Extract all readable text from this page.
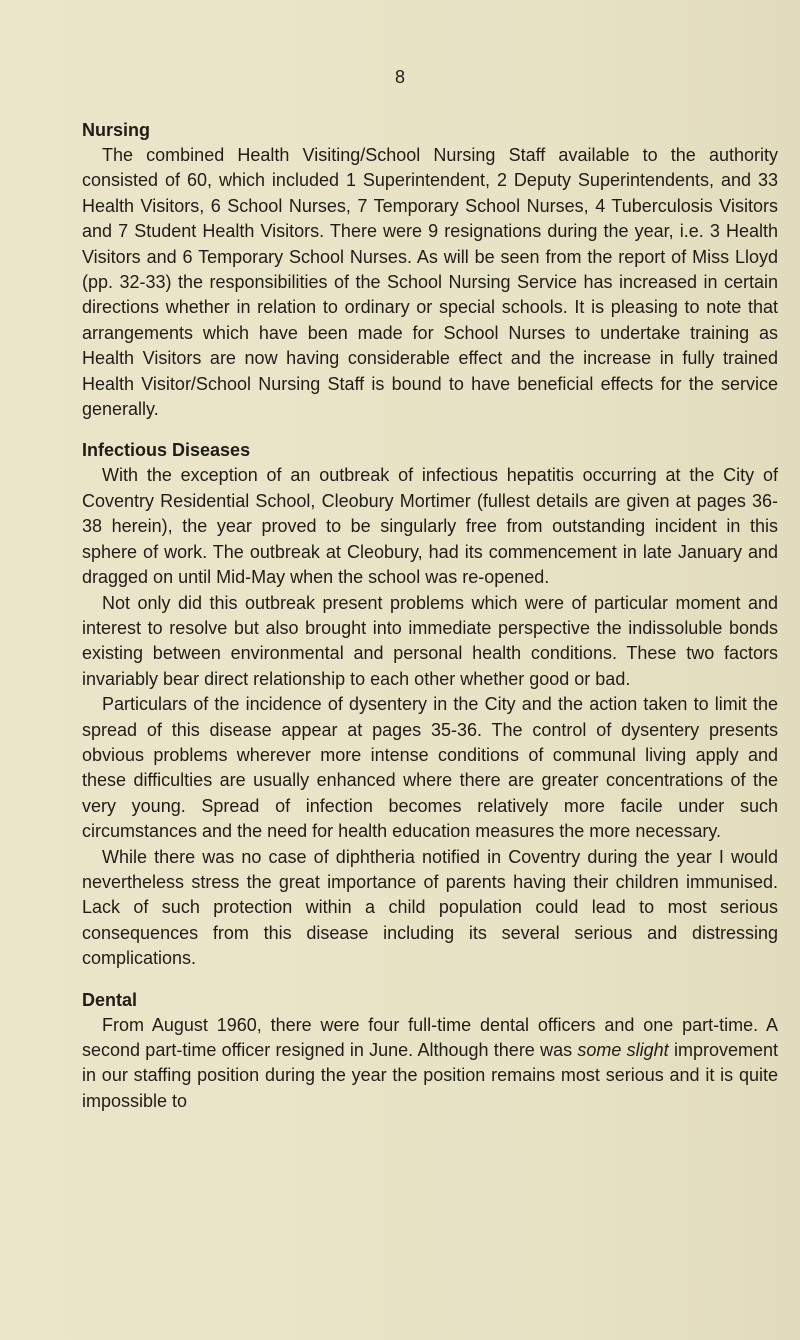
8
Nursing

The combined Health Visiting/School Nursing Staff available to the authority consisted of 60, which included 1 Superintendent, 2 Deputy Superintendents, and 33 Health Visitors, 6 School Nurses, 7 Temporary School Nurses, 4 Tuberculosis Visitors and 7 Student Health Visitors. There were 9 resignations during the year, i.e. 3 Health Visitors and 6 Temporary School Nurses. As will be seen from the report of Miss Lloyd (pp. 32-33) the responsibilities of the School Nursing Service has increased in certain directions whether in relation to ordinary or special schools. It is pleasing to note that arrangements which have been made for School Nurses to undertake training as Health Visitors are now having considerable effect and the increase in fully trained Health Visitor/School Nursing Staff is bound to have beneficial effects for the service generally.

Infectious Diseases

With the exception of an outbreak of infectious hepatitis occurring at the City of Coventry Residential School, Cleobury Mortimer (fullest details are given at pages 36-38 herein), the year proved to be singularly free from outstanding incident in this sphere of work. The outbreak at Cleobury, had its commencement in late January and dragged on until Mid-May when the school was re-opened.

Not only did this outbreak present problems which were of particular moment and interest to resolve but also brought into immediate perspective the indissoluble bonds existing between environmental and personal health conditions. These two factors invariably bear direct relationship to each other whether good or bad.

Particulars of the incidence of dysentery in the City and the action taken to limit the spread of this disease appear at pages 35-36. The control of dysentery presents obvious problems wherever more intense conditions of communal living apply and these difficulties are usually enhanced where there are greater concentrations of the very young. Spread of infection becomes relatively more facile under such circumstances and the need for health education measures the more necessary.

While there was no case of diphtheria notified in Coventry during the year I would nevertheless stress the great importance of parents having their children immunised. Lack of such protection within a child population could lead to most serious consequences from this disease including its several serious and distressing complications.

Dental

From August 1960, there were four full-time dental officers and one part-time. A second part-time officer resigned in June. Although there was some slight improvement in our staffing position during the year the position remains most serious and it is quite impossible to
